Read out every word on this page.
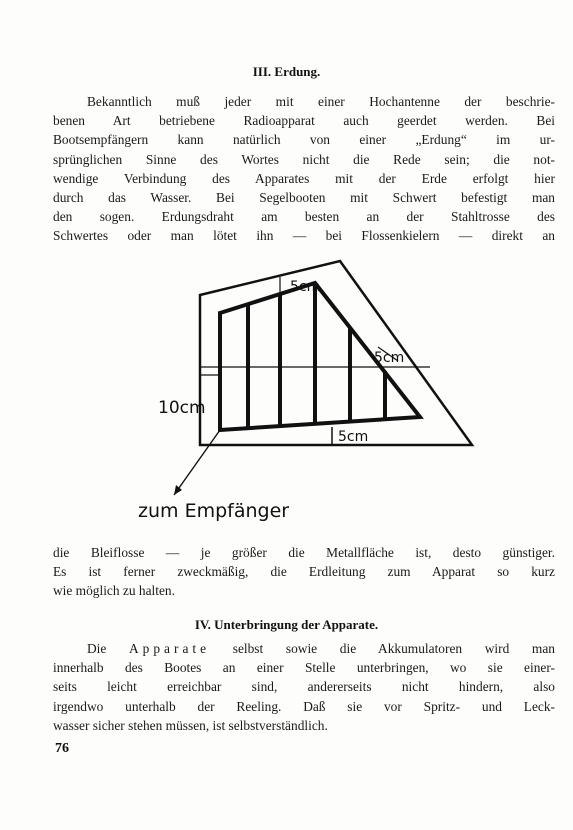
III. Erdung.
Bekanntlich muß jeder mit einer Hochantenne der beschrie-
benen Art betriebene Radioapparat auch geerdet werden. Bei
Bootsempfängern kann natürlich von einer „Erdung“ im ur-
sprünglichen Sinne des Wortes nicht die Rede sein; die not-
wendige Verbindung des Apparates mit der Erde erfolgt hier
durch das Wasser. Bei Segelbooten mit Schwert befestigt man
den sogen. Erdungsdraht am besten an der Stahltrosse des
Schwertes oder man lötet ihn — bei Flossenkielern — direkt an
5cm
5cm
5cm
10cm
zum Empfänger
die Bleiflosse — je größer die Metallfläche ist, desto günstiger.
Es ist ferner zweckmäßig, die Erdleitung zum Apparat so kurz
wie möglich zu halten.
IV. Unterbringung der Apparate.
Die Apparate selbst sowie die Akkumulatoren wird man
innerhalb des Bootes an einer Stelle unterbringen, wo sie einer-
seits leicht erreichbar sind, andererseits nicht hindern, also
irgendwo unterhalb der Reeling. Daß sie vor Spritz- und Leck-
wasser sicher stehen müssen, ist selbstverständlich.
76
